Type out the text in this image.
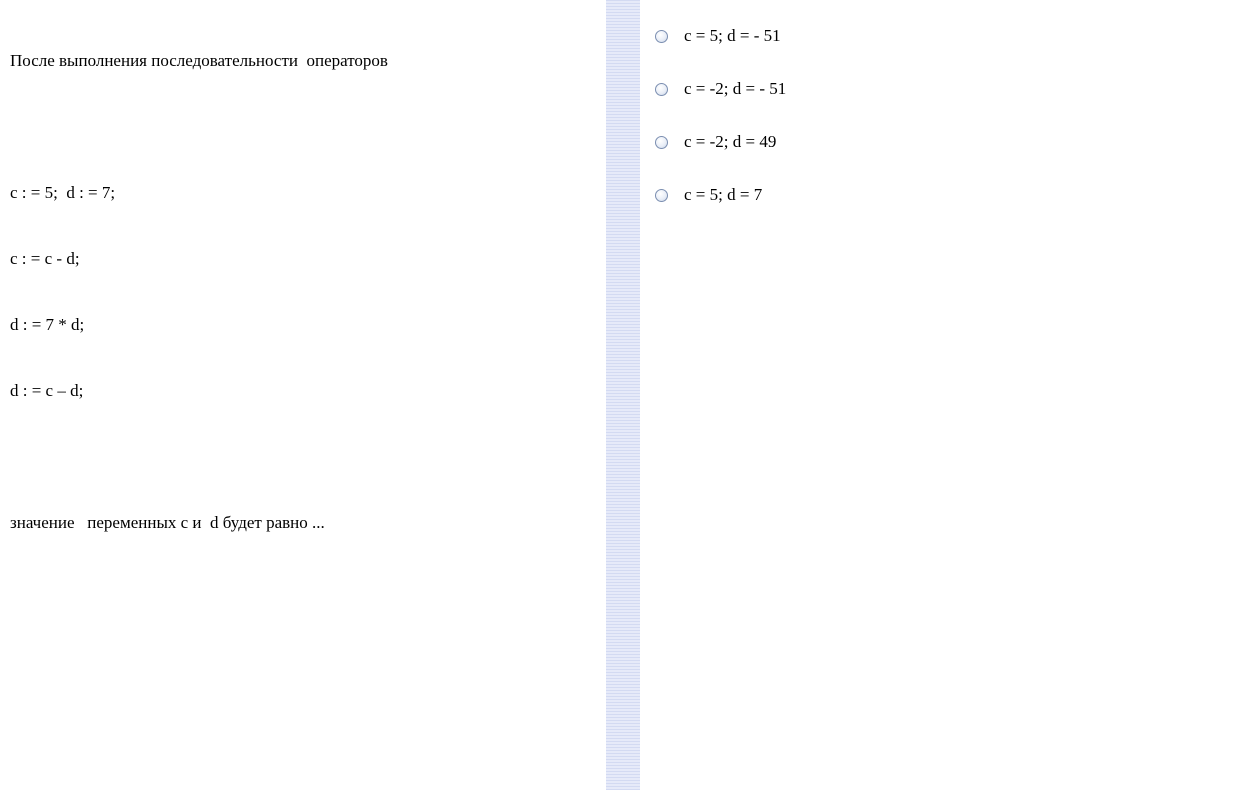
После выполнения последовательности  операторов

c : = 5;  d : = 7;

c : = c - d;

d : = 7 * d;

d : = c – d;

значение   переменных c и  d будет равно ...

c = 5; d = - 51
c = -2; d = - 51
c = -2; d = 49
c = 5; d = 7
